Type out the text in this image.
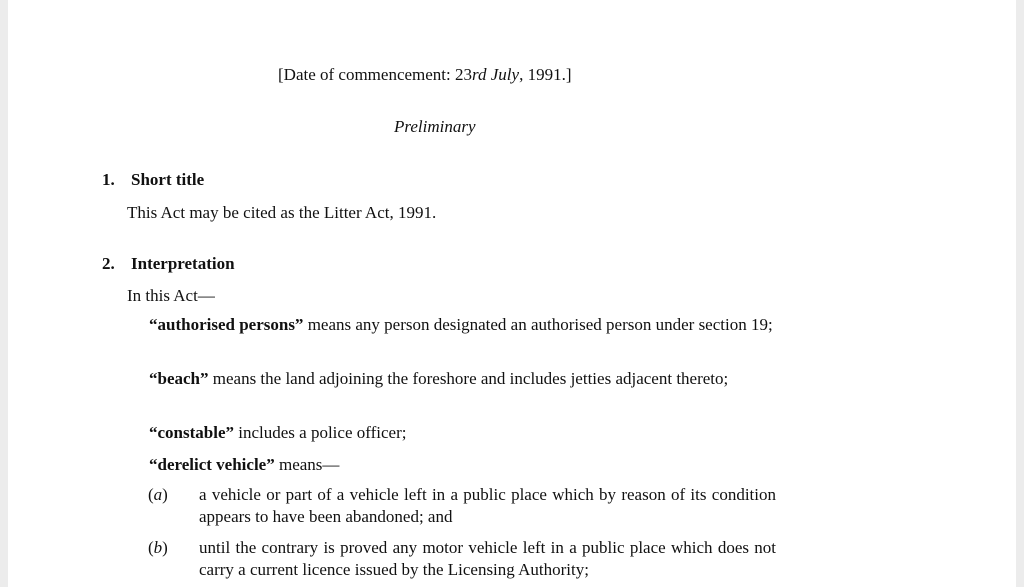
[Date of commencement: 23rd July, 1991.]
Preliminary
1. Short title
This Act may be cited as the Litter Act, 1991.
2. Interpretation
In this Act—
“authorised persons” means any person designated an authorised person under section 19;
“beach” means the land adjoining the foreshore and includes jetties adjacent thereto;
“constable” includes a police officer;
“derelict vehicle” means—
(a) a vehicle or part of a vehicle left in a public place which by reason of its condition appears to have been abandoned; and
(b) until the contrary is proved any motor vehicle left in a public place which does not carry a current licence issued by the Licensing Authority;
